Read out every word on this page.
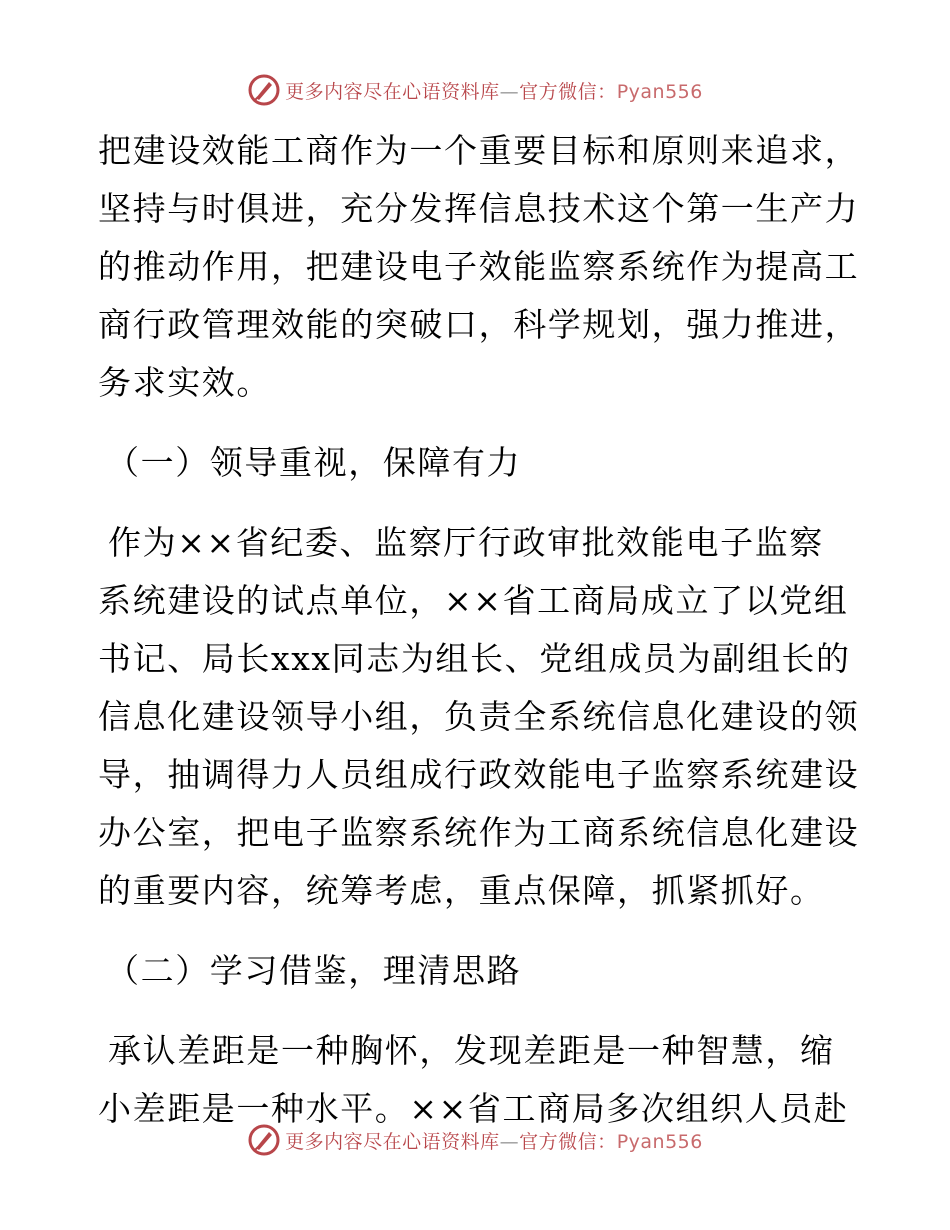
更多内容尽在心语资料库—官方微信：Pyan556
把建设效能工商作为一个重要目标和原则来追求，
坚持与时俱进，充分发挥信息技术这个第一生产力
的推动作用，把建设电子效能监察系统作为提高工
商行政管理效能的突破口，科学规划，强力推进，
务求实效。
（一）领导重视，保障有力
作为××省纪委、监察厅行政审批效能电子监察
系统建设的试点单位，××省工商局成立了以党组
书记、局长xxx同志为组长、党组成员为副组长的
信息化建设领导小组，负责全系统信息化建设的领
导，抽调得力人员组成行政效能电子监察系统建设
办公室，把电子监察系统作为工商系统信息化建设
的重要内容，统筹考虑，重点保障，抓紧抓好。
（二）学习借鉴，理清思路
承认差距是一种胸怀，发现差距是一种智慧，缩
小差距是一种水平。××省工商局多次组织人员赴
更多内容尽在心语资料库—官方微信：Pyan556
